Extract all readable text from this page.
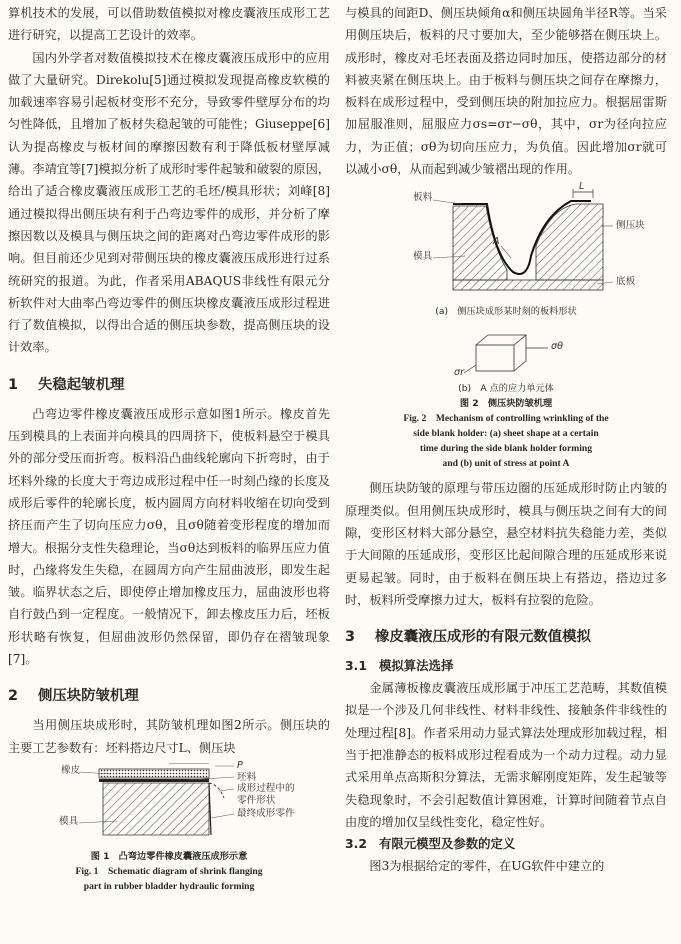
算机技术的发展，可以借助数值模拟对橡皮囊液压成形工艺进行研究，以提高工艺设计的效率。

国内外学者对数值模拟技术在橡皮囊液压成形中的应用做了大量研究。Direkolu[5]通过模拟发现提高橡皮软模的加载速率容易引起板材变形不充分，导致零件壁厚分布的均匀性降低，且增加了板材失稳起皱的可能性；Giuseppe[6]认为提高橡皮与板材间的摩擦因数有利于降低板材壁厚减薄。李靖宜等[7]模拟分析了成形时零件起皱和破裂的原因，给出了适合橡皮囊液压成形工艺的毛坯/模具形状；刘峰[8]通过模拟得出侧压块有利于凸弯边零件的成形，并分析了摩擦因数以及模具与侧压块之间的距离对凸弯边零件成形的影响。但目前还少见到对带侧压块的橡皮囊液压成形进行过系统研究的报道。为此，作者采用ABAQUS非线性有限元分析软件对大曲率凸弯边零件的侧压块橡皮囊液压成形过程进行了数值模拟，以得出合适的侧压块参数，提高侧压块的设计效率。

1 失稳起皱机理

凸弯边零件橡皮囊液压成形示意如图1所示。橡皮首先压到模具的上表面并向模具的四周挤下，使板料悬空于模具外的部分受压而折弯。板料沿凸曲线轮廓向下折弯时，由于坯料外缘的长度大于弯边成形过程中任一时刻凸缘的长度及成形后零件的轮廓长度，板内圆周方向材料收缩在切向受到挤压而产生了切向压应力σθ，且σθ随着变形程度的增加而增大。根据分支性失稳理论，当σθ达到板料的临界压应力值时，凸缘将发生失稳，在圆周方向产生屈曲波形，即发生起皱。临界状态之后，即使停止增加橡皮压力，屈曲波形也将自行鼓凸到一定程度。一般情况下，卸去橡皮压力后，坯板形状略有恢复，但屈曲波形仍然保留，即仍存在褶皱现象[7]。

2 侧压块防皱机理

当用侧压块成形时，其防皱机理如图2所示。侧压块的主要工艺参数有：坯料搭边尺寸L、侧压块

橡皮	P
坯料
成形过程中的
零件形状
最终成形零件
模具
图 1　凸弯边零件橡皮囊液压成形示意
Fig. 1　Schematic diagram of shrink flanging
part in rubber bladder hydraulic forming

与模具的间距D、侧压块倾角α和侧压块圆角半径R等。当采用侧压块后，板料的尺寸要加大，至少能够搭在侧压块上。成形时，橡皮对毛坯表面及搭边同时加压，使搭边部分的材料被夹紧在侧压块上。由于板料与侧压块之间存在摩擦力，板料在成形过程中，受到侧压块的附加拉应力。根据屈雷斯加屈服准则，屈服应力σs=σr−σθ，其中，σr为径向拉应力，为正值；σθ为切向压应力，为负值。因此增加σr就可以减小σθ，从而起到减少皱褶出现的作用。

板料
模具
侧压块
底板
L
A
(a)　侧压块成形某时刻的板料形状
σθ
σr
(b)　A 点的应力单元体
图 2　侧压块防皱机理
Fig. 2　Mechanism of controlling wrinkling of the
side blank holder: (a) sheet shape at a certain
time during the side blank holder forming
and (b) unit of stress at point A

侧压块防皱的原理与带压边圈的压延成形时防止内皱的原理类似。但用侧压块成形时，模具与侧压块之间有大的间隙，变形区材料大部分悬空，悬空材料抗失稳能力差，类似于大间隙的压延成形，变形区比起间隙合理的压延成形来说更易起皱。同时，由于板料在侧压块上有搭边，搭边过多时，板料所受摩擦力过大，板料有拉裂的危险。

3 橡皮囊液压成形的有限元数值模拟
3.1 模拟算法选择

金属薄板橡皮囊液压成形属于冲压工艺范畴，其数值模拟是一个涉及几何非线性、材料非线性、接触条件非线性的处理过程[8]。作者采用动力显式算法处理成形加载过程，相当于把准静态的板料成形过程看成为一个动力过程。动力显式采用单点高斯积分算法，无需求解刚度矩阵，发生起皱等失稳现象时，不会引起数值计算困难，计算时间随着节点自由度的增加仅呈线性变化，稳定性好。

3.2 有限元模型及参数的定义

图3为根据给定的零件，在UG软件中建立的
